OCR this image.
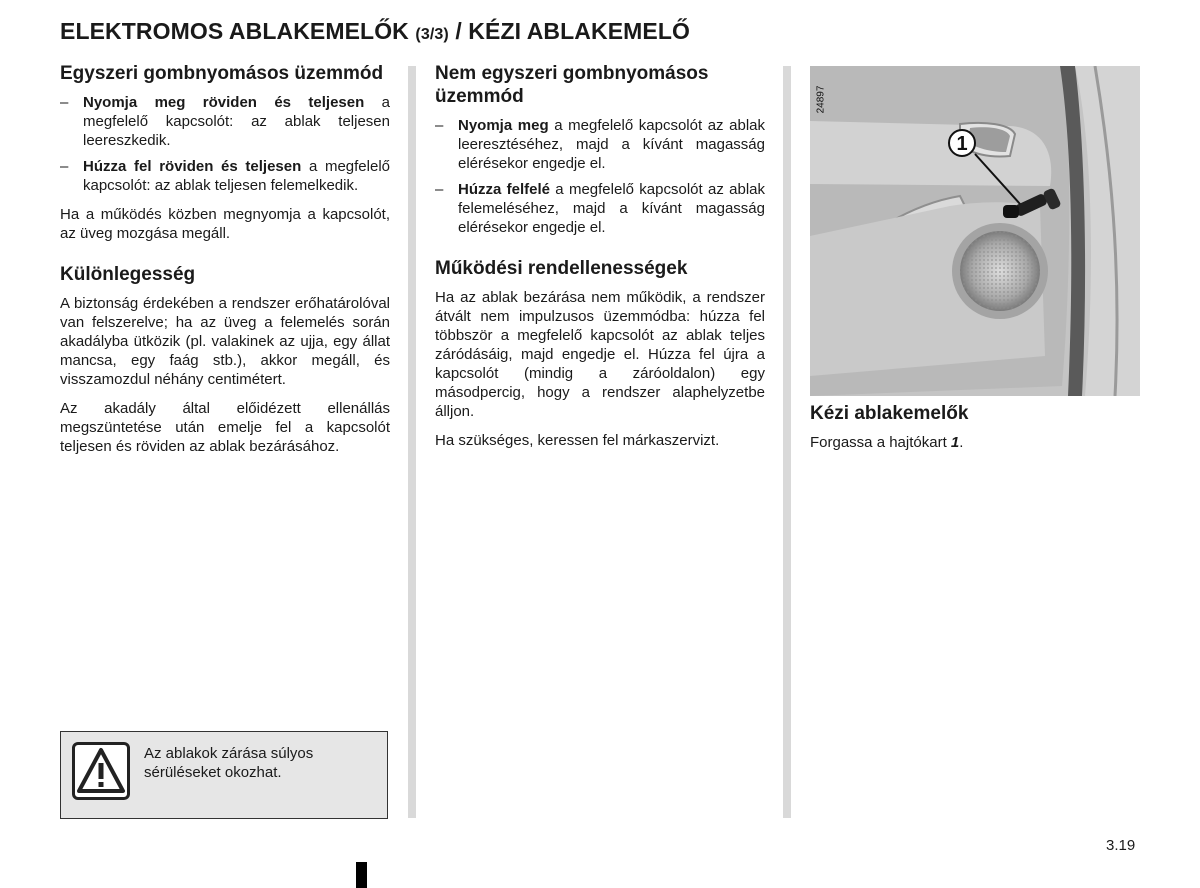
ELEKTROMOS ABLAKEMELŐK (3/3) / KÉZI ABLAKEMELŐ
Egyszeri gombnyomásos üzemmód
– Nyomja meg röviden és teljesen a megfelelő kapcsolót: az ablak teljesen leereszkedik.
– Húzza fel röviden és teljesen a megfelelő kapcsolót: az ablak teljesen felemelkedik.

Ha a működés közben megnyomja a kapcsolót, az üveg mozgása megáll.

Különlegesség

A biztonság érdekében a rendszer erőhatárolóval van felszerelve; ha az üveg a felemelés során akadályba ütközik (pl. valakinek az ujja, egy állat mancsa, egy faág stb.), akkor megáll, és visszamozdul néhány centimétert.

Az akadály által előidézett ellenállás megszüntetése után emelje fel a kapcsolót teljesen és röviden az ablak bezárásához.

Az ablakok zárása súlyos sérüléseket okozhat.
Nem egyszeri gombnyomásos üzemmód
– Nyomja meg a megfelelő kapcsolót az ablak leeresztéséhez, majd a kívánt magasság elérésekor engedje el.
– Húzza felfelé a megfelelő kapcsolót az ablak felemeléséhez, majd a kívánt magasság elérésekor engedje el.
Működési rendellenességek

Ha az ablak bezárása nem működik, a rendszer átvált nem impulzusos üzemmódba: húzza fel többször a megfelelő kapcsolót az ablak teljes záródásáig, majd engedje el. Húzza fel újra a kapcsolót (mindig a záróoldalon) egy másodpercig, hogy a rendszer alaphelyzetbe álljon.

Ha szükséges, keressen fel márkaszervizt.

1
24897
Kézi ablakemelők

Forgassa a hajtókart 1.

3.19
